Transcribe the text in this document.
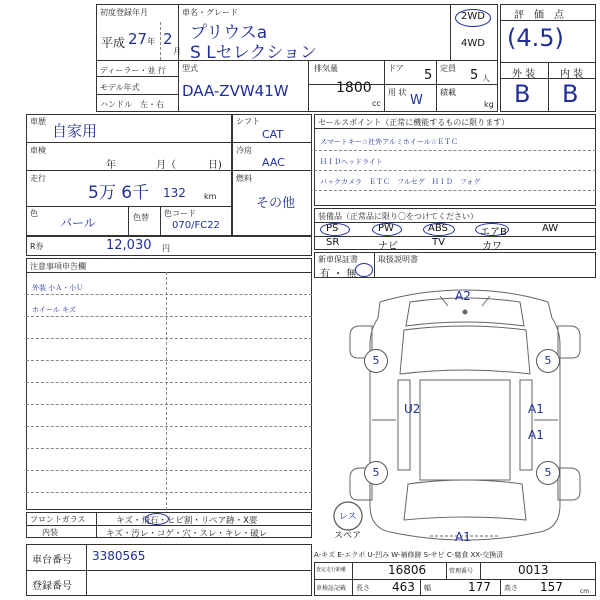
初度登録年月
平成 27 年 2
月
車名・グレード
プリウスa
S Lセレクション
2WD
4WD
ディーラー・並 行
モデル年式
ハンドル　左・右
型式
DAA-ZVW41W
排気量
1800
cc
ドア 5
用 状
W
定員 5 人
積載
kg
評　価　点
(4.5)
外 装 内 装
B B
車歴
自家用
車検
年	月（	日)
走行
5万 6千 132 km
色
パール	色替 色コード
070/FC22
シフト
CAT
冷房
AAC
燃料
その他
R券	12,030 円
注意事項申告欄
外装 小Ａ・小Ｕ
ホイール キズ
セールスポイント（正常に機能するものに限ります）
スマートキー☆社外アルミホイール☆ＥＴＣ
ＨＩＤヘッドライト
バックカメラ　ＥＴＣ　フルセグ　ＨＩＤ　フォグ
装備品（正常品に限り〇をつけてください）
PS	PW	ABS	エアB	AW
SR	ナビ	TV	カワ
新車保証書
有 ・ 無
取扱説明書
A2
U2	A1
A1
A1
5	5
5	5
レス
スペア
A-キズ E-エクボ U-凹み W-補修跡 S-サビ C-腐食 XX-交換済
フロントガラス	キズ・飛石・ヒビ割・リペア跡・X要
内装	キズ・汚レ・コゲ・穴・スレ・キレ・破レ
車台番号 3380565
登録番号
査定走行距離	16806	管理番号	0013
車検証記載 長さ 463 幅	177 高さ 157	cm
